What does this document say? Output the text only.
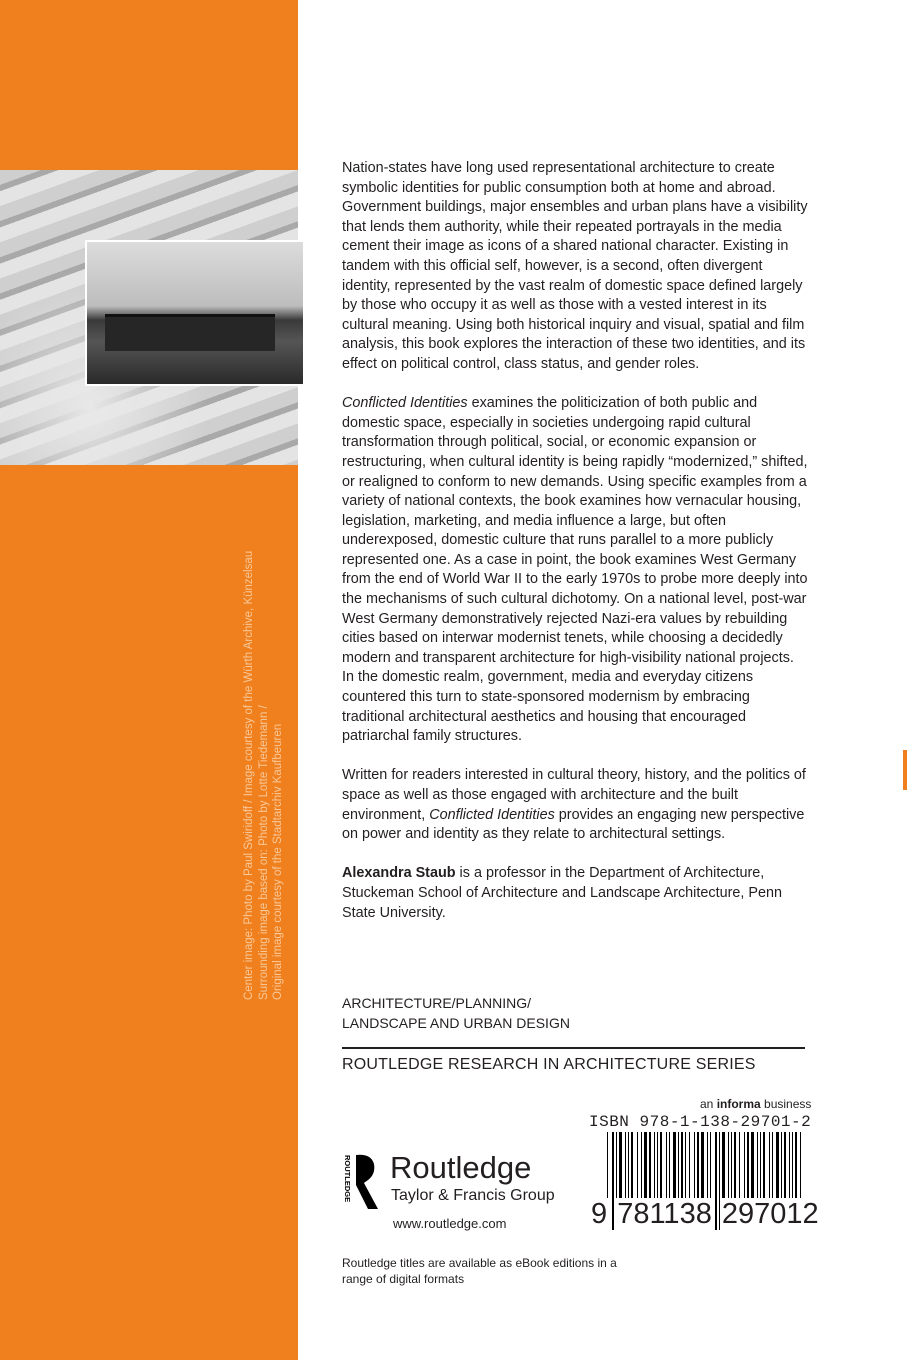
Center image: Photo by Paul Swiridoff / Image courtesy of the Würth Archive, Künzelsau Surrounding image based on: Photo by Lotte Tiedemann / Original image courtesy of the Stadtarchiv Kaufbeuren

Nation-states have long used representational architecture to create symbolic identities for public consumption both at home and abroad. Government buildings, major ensembles and urban plans have a visibility that lends them authority, while their repeated portrayals in the media cement their image as icons of a shared national character. Existing in tandem with this official self, however, is a second, often divergent identity, represented by the vast realm of domestic space defined largely by those who occupy it as well as those with a vested interest in its cultural meaning. Using both historical inquiry and visual, spatial and film analysis, this book explores the interaction of these two identities, and its effect on political control, class status, and gender roles.

Conflicted Identities examines the politicization of both public and domestic space, especially in societies undergoing rapid cultural transformation through political, social, or economic expansion or restructuring, when cultural identity is being rapidly “modernized,” shifted, or realigned to conform to new demands. Using specific examples from a variety of national contexts, the book examines how vernacular housing, legislation, marketing, and media influence a large, but often underexposed, domestic culture that runs parallel to a more publicly represented one. As a case in point, the book examines West Germany from the end of World War II to the early 1970s to probe more deeply into the mechanisms of such cultural dichotomy. On a national level, post-war West Germany demonstratively rejected Nazi-era values by rebuilding cities based on interwar modernist tenets, while choosing a decidedly modern and transparent architecture for high-visibility national projects. In the domestic realm, government, media and everyday citizens countered this turn to state-sponsored modernism by embracing traditional architectural aesthetics and housing that encouraged patriarchal family structures.

Written for readers interested in cultural theory, history, and the politics of space as well as those engaged with architecture and the built environment, Conflicted Identities provides an engaging new perspective on power and identity as they relate to architectural settings.

Alexandra Staub is a professor in the Department of Architecture, Stuckeman School of Architecture and Landscape Architecture, Penn State University.

ARCHITECTURE/PLANNING/
LANDSCAPE AND URBAN DESIGN
ROUTLEDGE RESEARCH IN ARCHITECTURE SERIES
an informa business
ISBN 978-1-138-29701-2
9 781138 297012
ROUTLEDGE Routledge
Taylor & Francis Group
www.routledge.com
Routledge titles are available as eBook editions in a range of digital formats
